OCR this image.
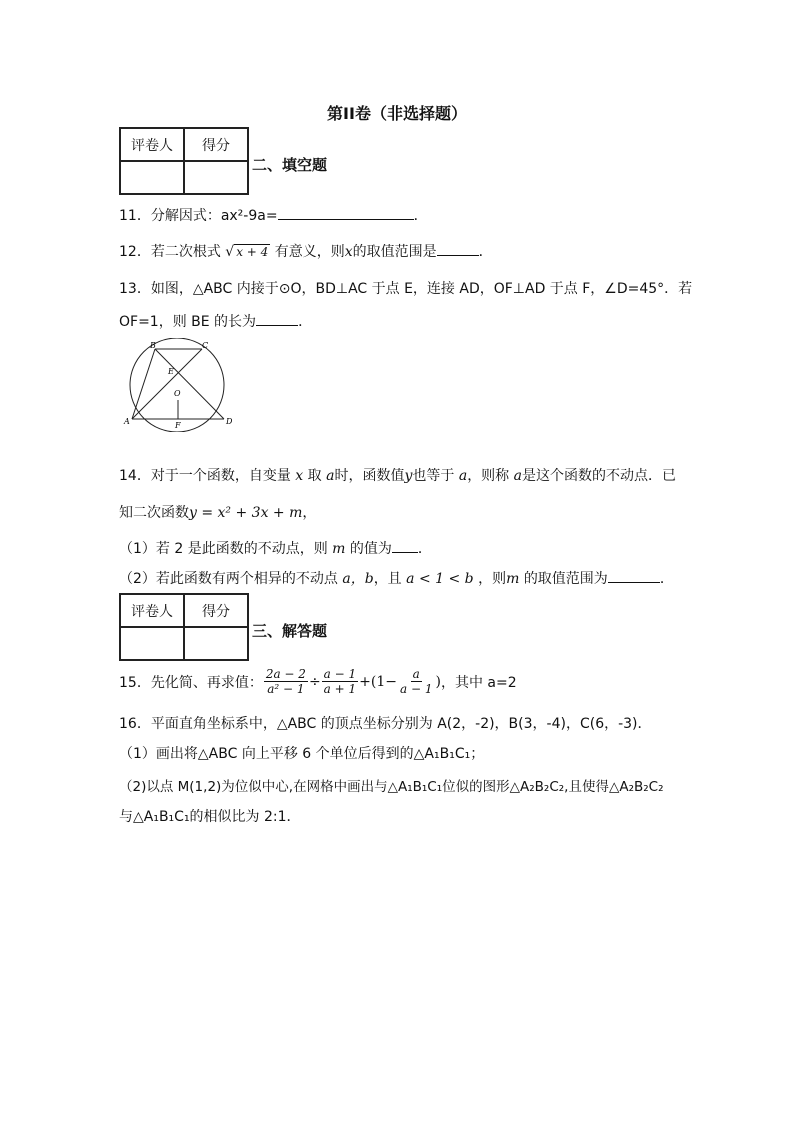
第II卷（非选择题）
评卷人	得分

二、填空题
11．分解因式：ax²-9a=	．
12．若二次根式 √ x + 4 有意义，则x的取值范围是	．
13．如图，△ABC 内接于⊙O，BD⊥AC 于点 E，连接 AD，OF⊥AD 于点 F，∠D=45°．若
OF=1，则 BE 的长为	．
B	C
E
O
A	F	D
14．对于一个函数，自变量 x 取 a时，函数值y也等于 a，则称 a是这个函数的不动点．已
知二次函数y = x² + 3x + m，
（1）若 2 是此函数的不动点，则 m 的值为 ．
（2）若此函数有两个相异的不动点 a，b，且 a < 1 < b ，则m 的取值范围为	．
评卷人	得分

三、解答题
15．先化简、再求值： $\frac{2a - 2}{\text{a² − 1}} \div \frac{a - 1}{a + 1} +(1- \frac{a}{a - 1}$ ) ，其中 a=2
16．平面直角坐标系中，△ABC 的顶点坐标分别为 A(2，-2)，B(3，-4)，C(6，-3)．
（1）画出将△ABC 向上平移 6 个单位后得到的△A₁B₁C₁；
（2)以点 M(1,2)为位似中心,在网格中画出与△A₁B₁C₁位似的图形△A₂B₂C₂,且使得△A₂B₂C₂
与△A₁B₁C₁的相似比为 2:1．
